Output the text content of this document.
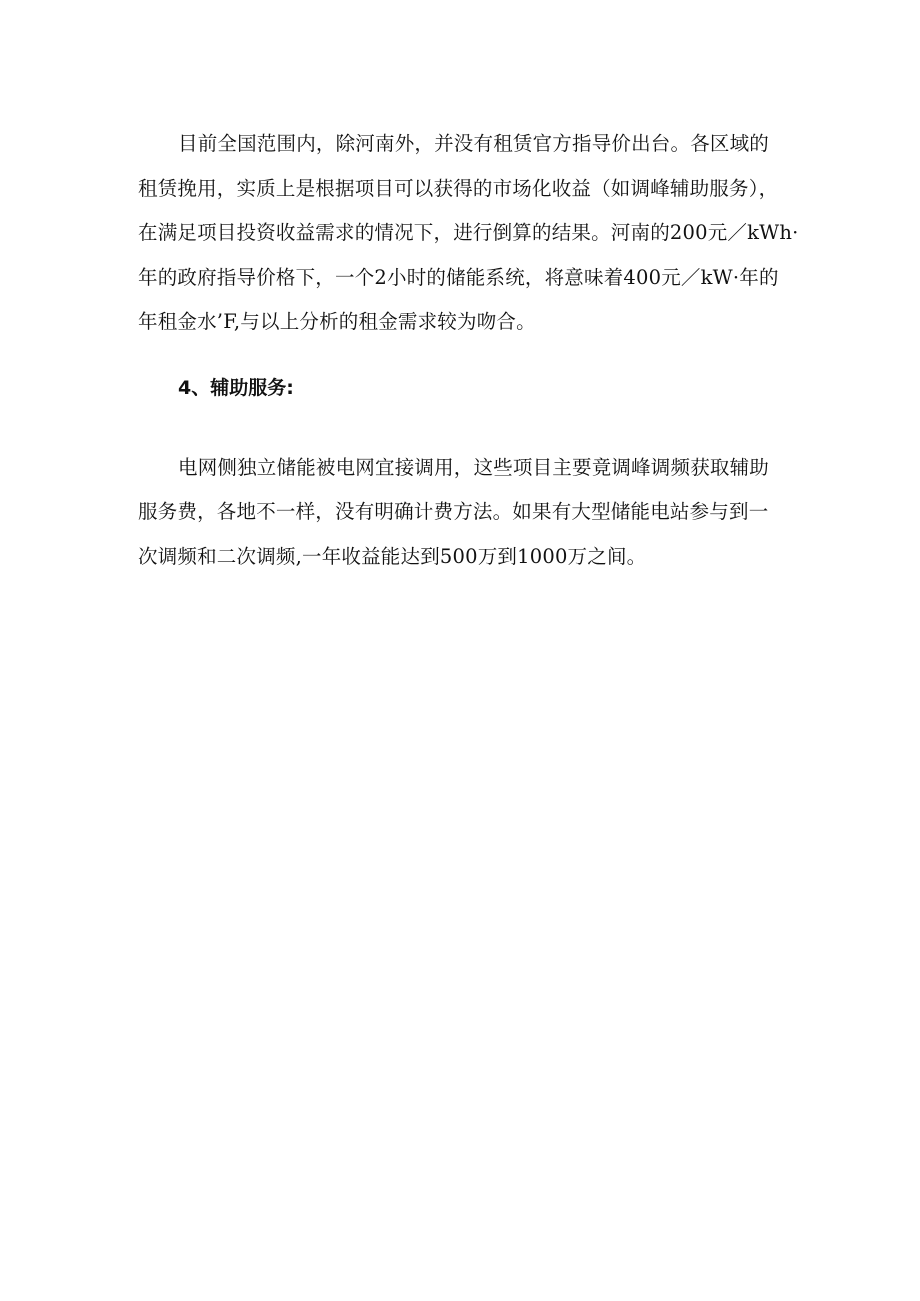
目前全国范围内，除河南外，并没有租赁官方指导价出台。各区域的
租赁挽用，实质上是根据项目可以获得的市场化收益（如调峰辅助服务），
在满足项目投资收益需求的情况下，进行倒算的结果。河南的200元／kWh·
年的政府指导价格下，一个2小时的储能系统，将意味着400元／kW·年的
年租金水’F,与以上分析的租金需求较为吻合。

4、辅助服务:

电网侧独立储能被电网宜接调用，这些项目主要竟调峰调频获取辅助
服务费，各地不一样，没有明确计费方法。如果有大型储能电站参与到一
次调频和二次调频,一年收益能达到500万到1000万之间。
